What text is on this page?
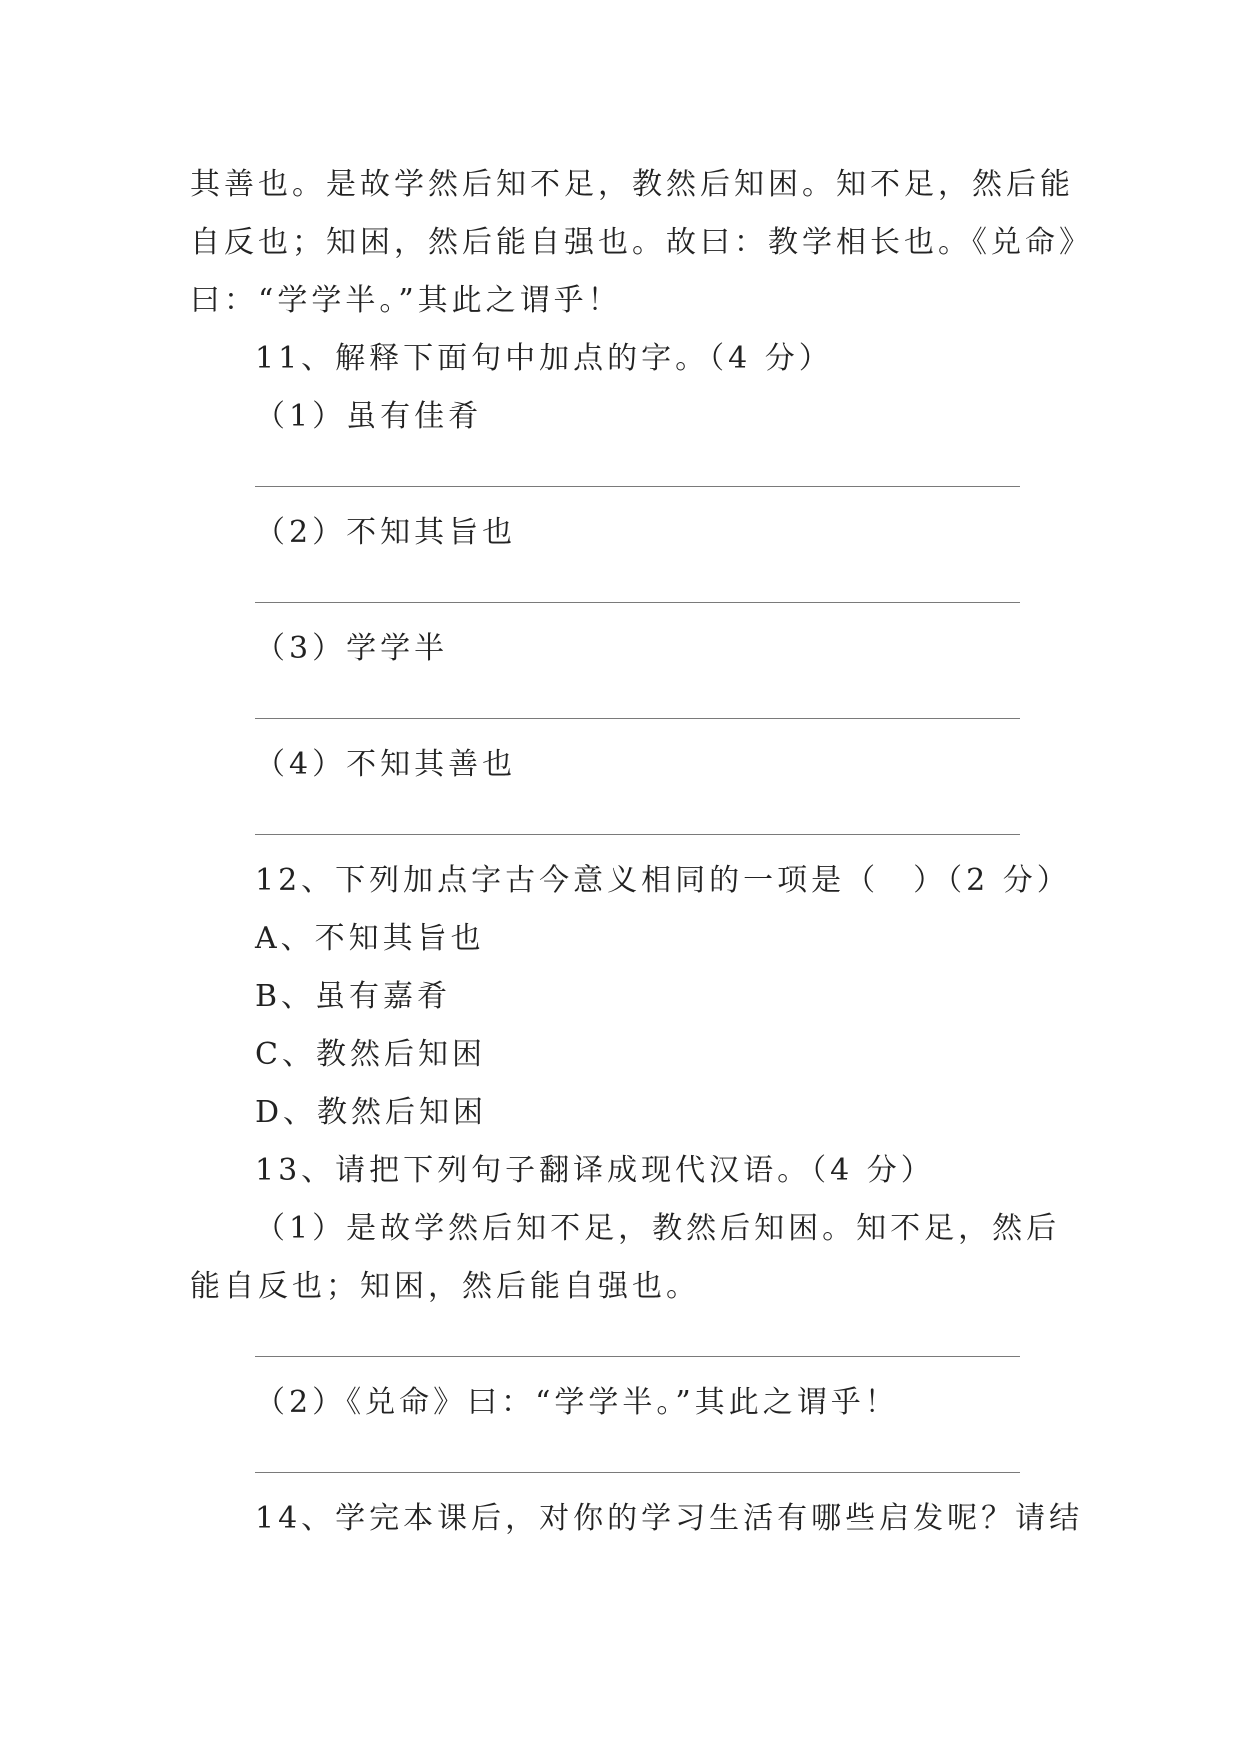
其善也。是故学然后知不足，教然后知困。知不足，然后能
自反也；知困，然后能自强也。故曰：教学相长也。《兑命》
曰：“学学半。”其此之谓乎！
11、解释下面句中加点的字。（4 分）
（1）虽有佳肴
（2）不知其旨也
（3）学学半
（4）不知其善也
12、下列加点字古今意义相同的一项是（　）（2 分）
A、不知其旨也
B、虽有嘉肴
C、教然后知困
D、教然后知困
13、请把下列句子翻译成现代汉语。（4 分）
（1）是故学然后知不足，教然后知困。知不足，然后
能自反也；知困，然后能自强也。
（2）《兑命》曰：“学学半。”其此之谓乎！
14、学完本课后，对你的学习生活有哪些启发呢？请结
